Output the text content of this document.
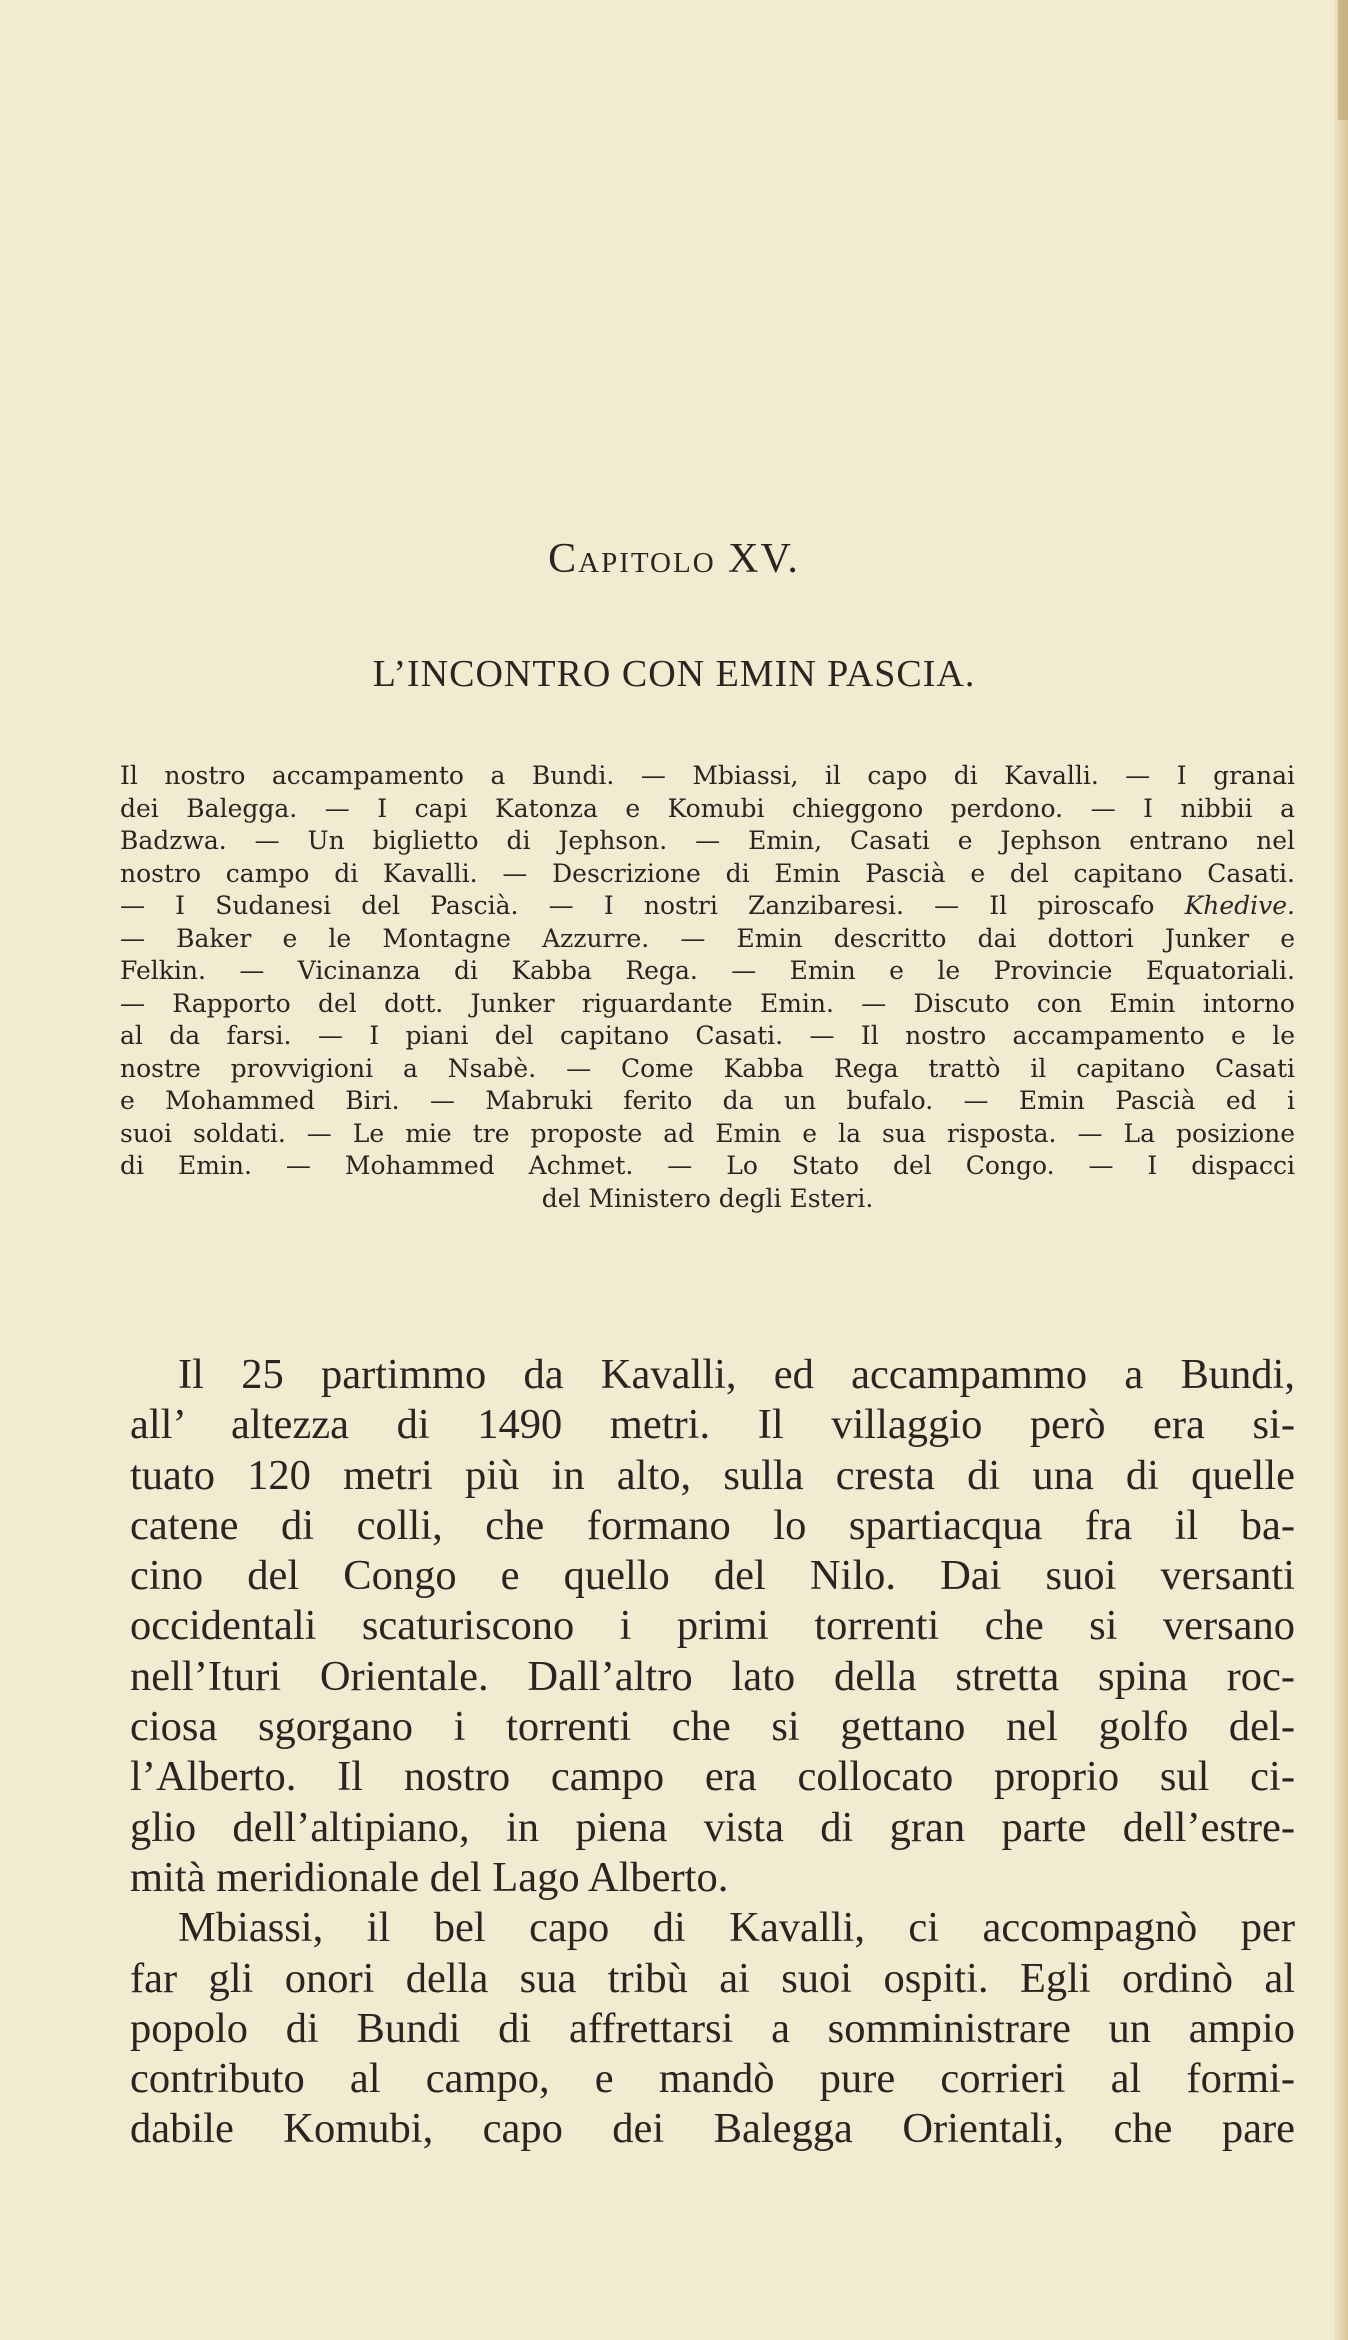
Capitolo XV.
L’INCONTRO CON EMIN PASCIA.
Il nostro accampamento a Bundi. — Mbiassi, il capo di Kavalli. — I granai
dei Balegga. — I capi Katonza e Komubi chieggono perdono. — I nibbii a
Badzwa. — Un biglietto di Jephson. — Emin, Casati e Jephson entrano nel
nostro campo di Kavalli. — Descrizione di Emin Pascià e del capitano Casati.
— I Sudanesi del Pascià. — I nostri Zanzibaresi. — Il piroscafo Khedive.
— Baker e le Montagne Azzurre. — Emin descritto dai dottori Junker e
Felkin. — Vicinanza di Kabba Rega. — Emin e le Provincie Equatoriali.
— Rapporto del dott. Junker riguardante Emin. — Discuto con Emin intorno
al da farsi. — I piani del capitano Casati. — Il nostro accampamento e le
nostre provvigioni a Nsabè. — Come Kabba Rega trattò il capitano Casati
e Mohammed Biri. — Mabruki ferito da un bufalo. — Emin Pascià ed i
suoi soldati. — Le mie tre proposte ad Emin e la sua risposta. — La posizione
di Emin. — Mohammed Achmet. — Lo Stato del Congo. — I dispacci
del Ministero degli Esteri.
Il 25 partimmo da Kavalli, ed accampammo a Bundi,
all’ altezza di 1490 metri. Il villaggio però era si-
tuato 120 metri più in alto, sulla cresta di una di quelle
catene di colli, che formano lo spartiacqua fra il ba-
cino del Congo e quello del Nilo. Dai suoi versanti
occidentali scaturiscono i primi torrenti che si versano
nell’Ituri Orientale. Dall’altro lato della stretta spina roc-
ciosa sgorgano i torrenti che si gettano nel golfo del-
l’Alberto. Il nostro campo era collocato proprio sul ci-
glio dell’altipiano, in piena vista di gran parte dell’estre-
mità meridionale del Lago Alberto.
Mbiassi, il bel capo di Kavalli, ci accompagnò per
far gli onori della sua tribù ai suoi ospiti. Egli ordinò al
popolo di Bundi di affrettarsi a somministrare un ampio
contributo al campo, e mandò pure corrieri al formi-
dabile Komubi, capo dei Balegga Orientali, che pare
